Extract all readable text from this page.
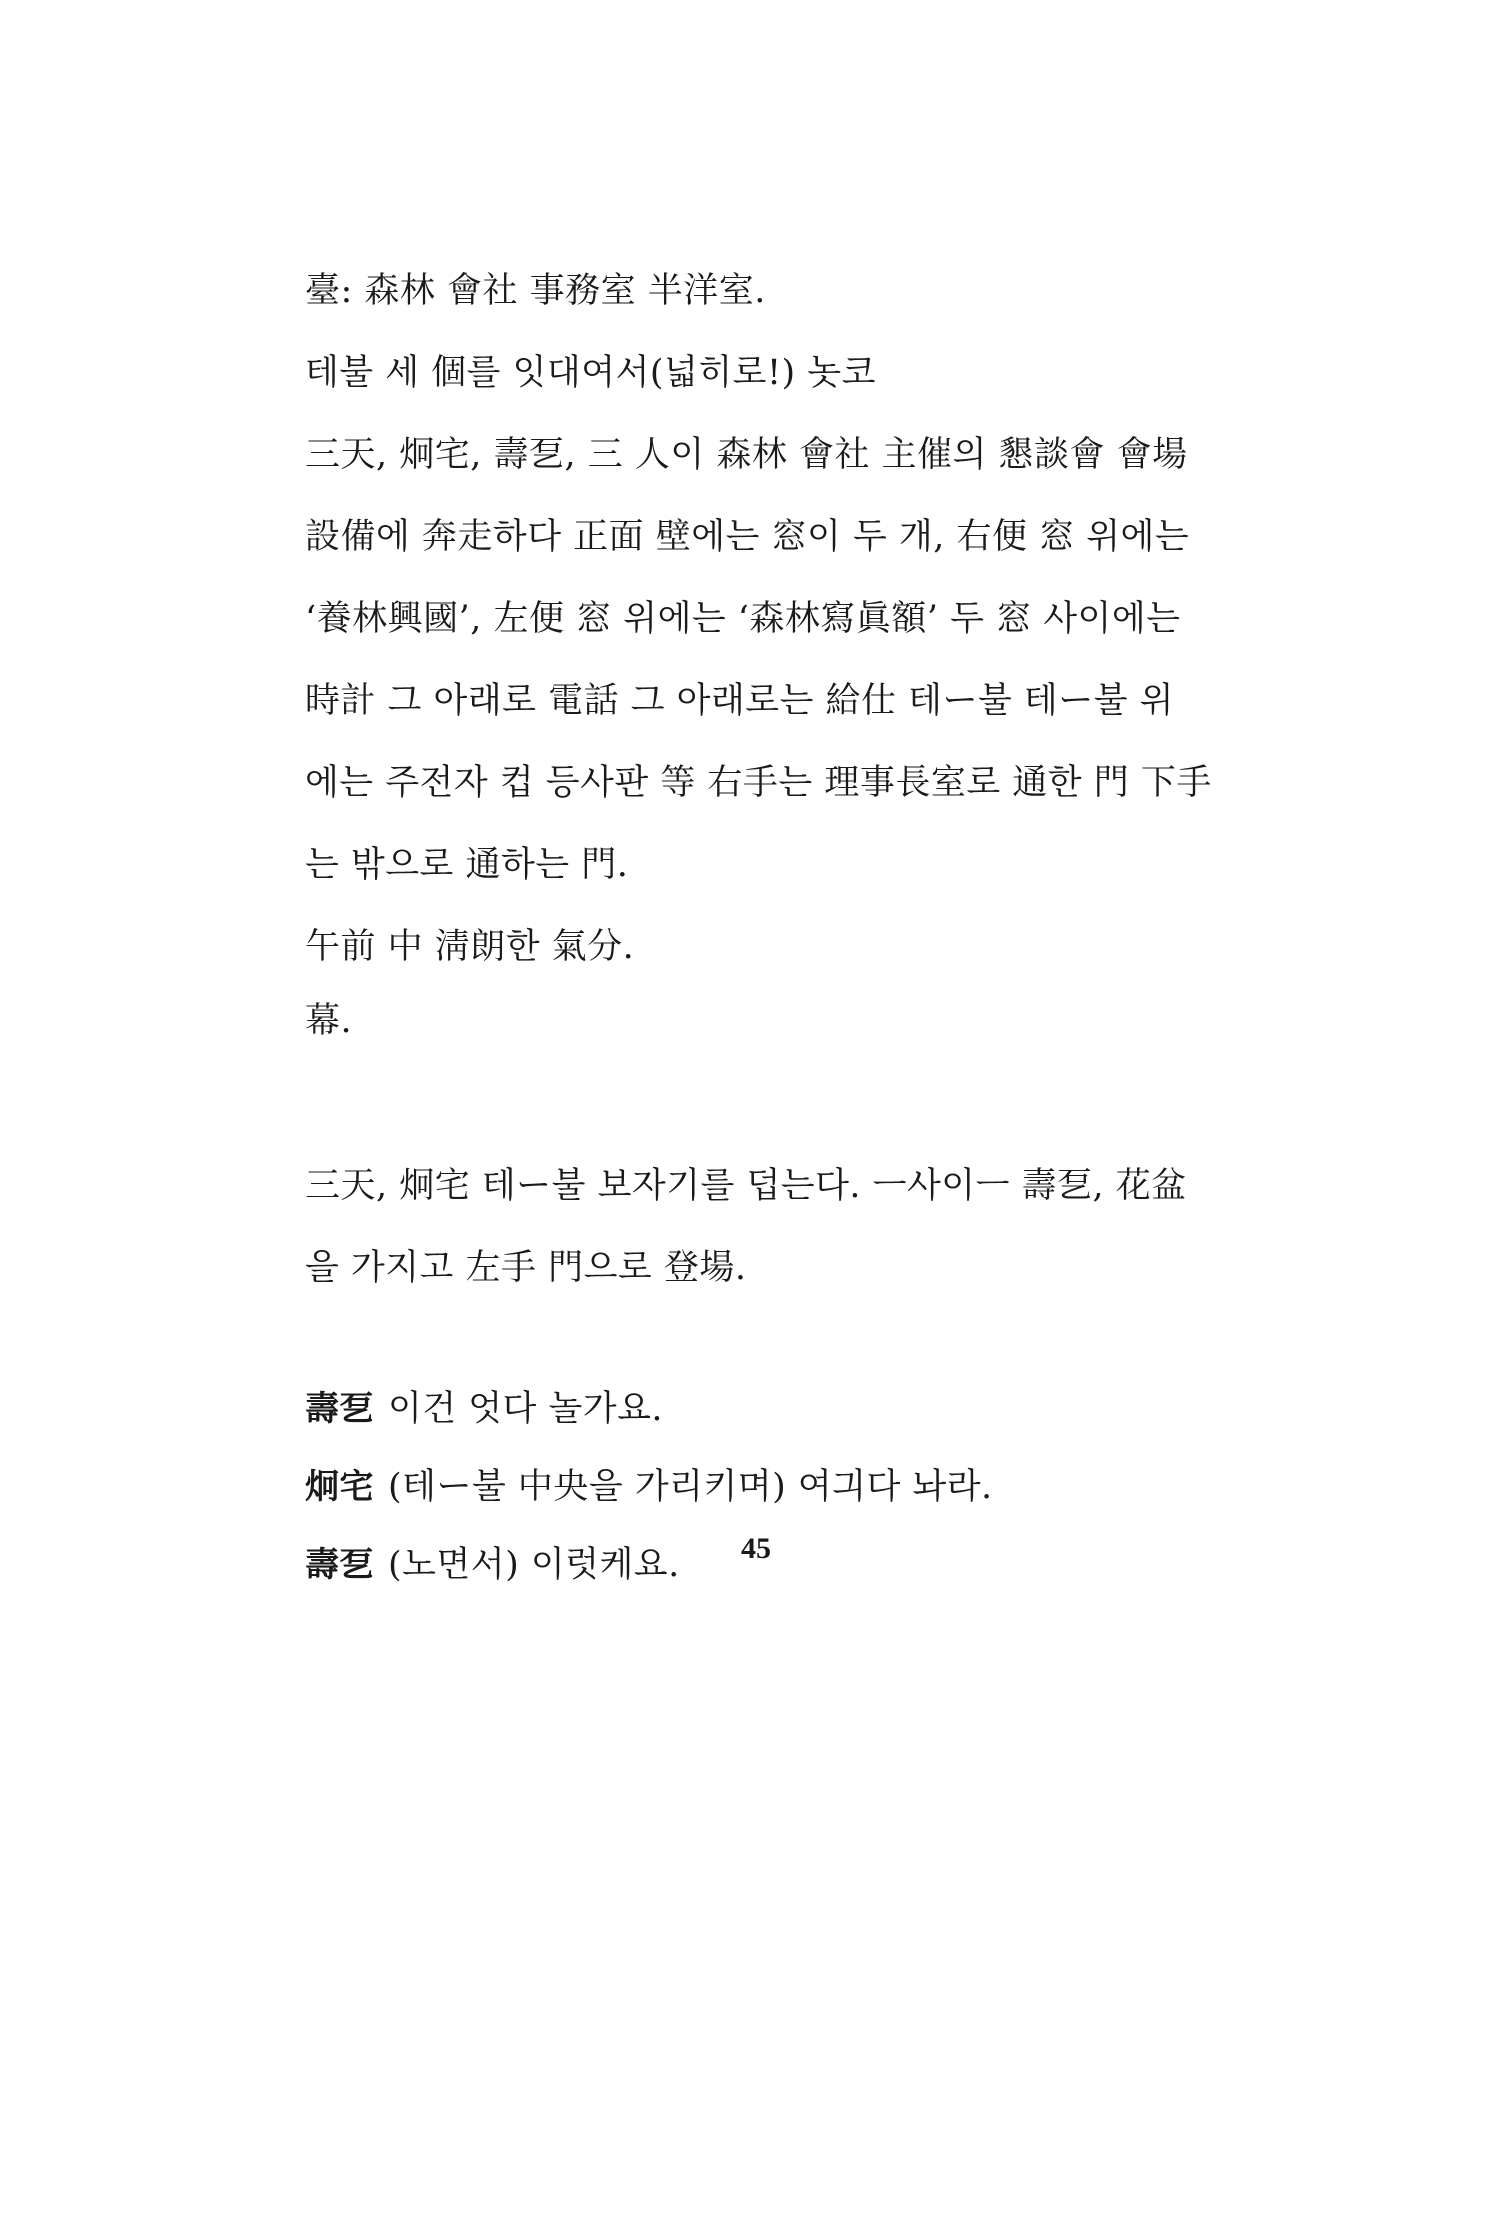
臺: 森林 會社 事務室 半洋室.

테불 세 個를 잇대여서(넓히로!) 놋코

三天, 炯宅, 壽乭, 三 人이 森林 會社 主催의 懇談會 會場

設備에 奔走하다 正面 壁에는 窓이 두 개, 右便 窓 위에는

‘養林興國’, 左便 窓 위에는 ‘森林寫眞額’ 두 窓 사이에는

時計 그 아래로 電話 그 아래로는 給仕 테ー불 테ー불 위

에는 주전자 컵 등사판 等 右手는 理事長室로 通한 門 下手

는 밖으로 通하는 門.

午前 中 淸朗한 氣分.

幕.

三天, 炯宅 테ー불 보자기를 덥는다. ㅡ사이ㅡ 壽乭, 花盆

을 가지고 左手 門으로 登場.

壽乭 이건 엇다 놀가요.

炯宅 (테ー불 中央을 가리키며) 여긔다 놔라.

壽乭 (노면서) 이럿케요.	45
